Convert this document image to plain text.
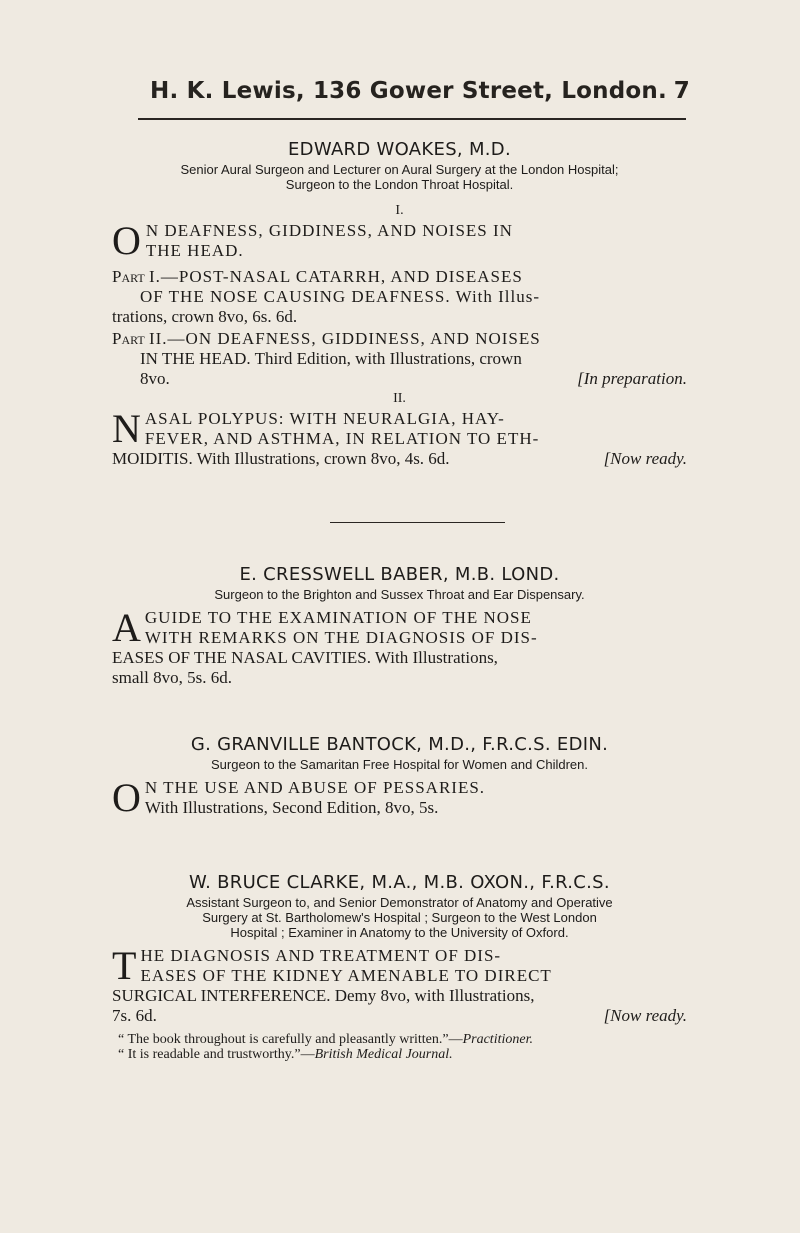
H. K. Lewis, 136 Gower Street, London. 7
EDWARD WOAKES, M.D.
Senior Aural Surgeon and Lecturer on Aural Surgery at the London Hospital;
Surgeon to the London Throat Hospital.
I.
O N DEAFNESS, GIDDINESS, AND NOISES IN
THE HEAD.
Part I.—POST-NASAL CATARRH, AND DISEASES
OF THE NOSE CAUSING DEAFNESS. With Illus-
trations, crown 8vo, 6s. 6d.
Part II.—ON DEAFNESS, GIDDINESS, AND NOISES
IN THE HEAD. Third Edition, with Illustrations, crown
8vo.	[In preparation.
II.
N ASAL POLYPUS: WITH NEURALGIA, HAY-
FEVER, AND ASTHMA, IN RELATION TO ETH-
MOIDITIS. With Illustrations, crown 8vo, 4s. 6d.	[Now ready.
E. CRESSWELL BABER, M.B. LOND.
Surgeon to the Brighton and Sussex Throat and Ear Dispensary.
A GUIDE TO THE EXAMINATION OF THE NOSE
WITH REMARKS ON THE DIAGNOSIS OF DIS-
EASES OF THE NASAL CAVITIES. With Illustrations,
small 8vo, 5s. 6d.
G. GRANVILLE BANTOCK, M.D., F.R.C.S. EDIN.
Surgeon to the Samaritan Free Hospital for Women and Children.
O N THE USE AND ABUSE OF PESSARIES.
With Illustrations, Second Edition, 8vo, 5s.
W. BRUCE CLARKE, M.A., M.B. OXON., F.R.C.S.
Assistant Surgeon to, and Senior Demonstrator of Anatomy and Operative
Surgery at St. Bartholomew's Hospital ; Surgeon to the West London
Hospital ; Examiner in Anatomy to the University of Oxford.
T HE DIAGNOSIS AND TREATMENT OF DIS-
EASES OF THE KIDNEY AMENABLE TO DIRECT
SURGICAL INTERFERENCE. Demy 8vo, with Illustrations,
7s. 6d.	[Now ready.
“ The book throughout is carefully and pleasantly written.”—Practitioner.
“ It is readable and trustworthy.”—British Medical Journal.
